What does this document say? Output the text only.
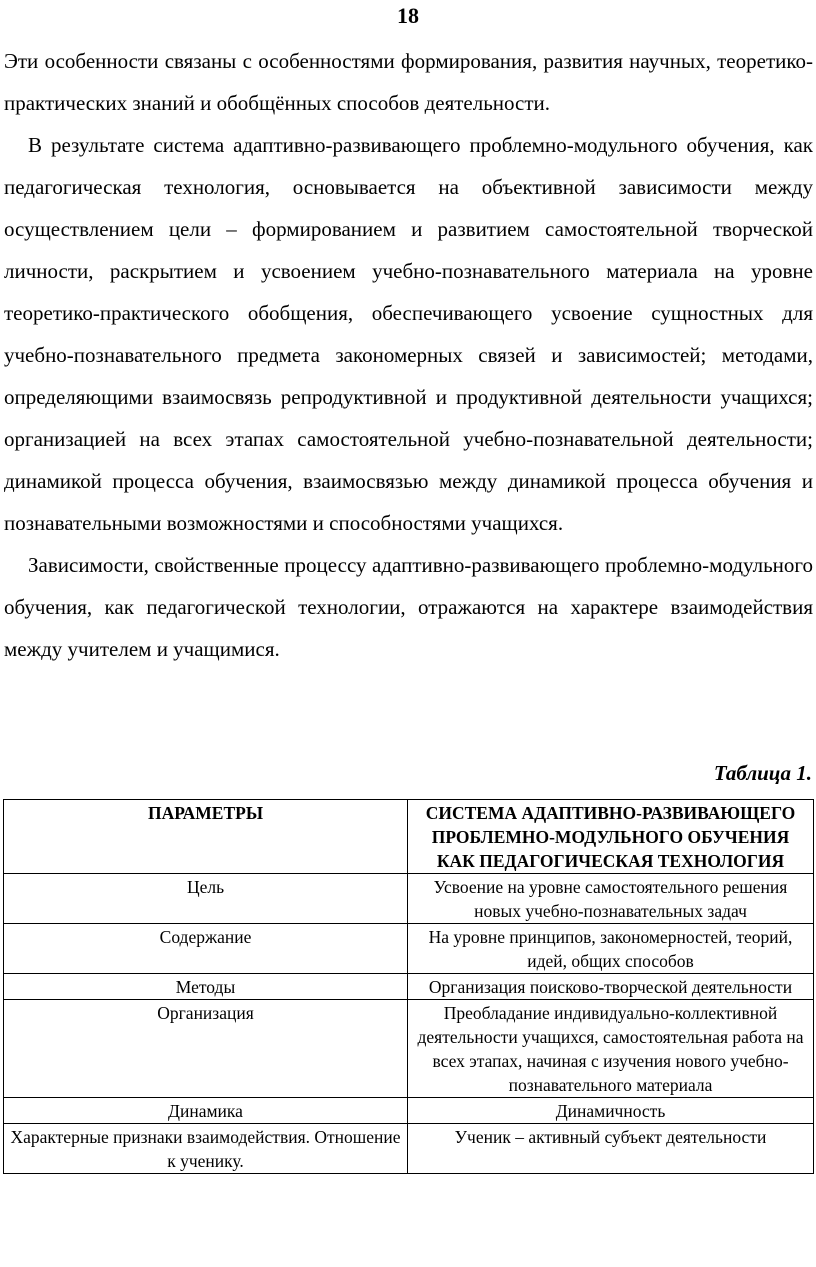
18

Эти особенности связаны с особенностями формирования, развития научных, теоретико-практических знаний и обобщённых способов деятельности.

В результате система адаптивно-развивающего проблемно-модульного обучения, как педагогическая технология, основывается на объективной зависимости между осуществлением цели – формированием и развитием самостоятельной творческой личности, раскрытием и усвоением учебно-познавательного материала на уровне теоретико-практического обобщения, обеспечивающего усвоение сущностных для учебно-познавательного предмета закономерных связей и зависимостей; методами, определяющими взаимосвязь репродуктивной и продуктивной деятельности учащихся; организацией на всех этапах самостоятельной учебно-познавательной деятельности; динамикой процесса обучения, взаимосвязью между динамикой процесса обучения и познавательными возможностями и способностями учащихся.

Зависимости, свойственные процессу адаптивно-развивающего проблемно-модульного обучения, как педагогической технологии, отражаются на характере взаимодействия между учителем и учащимися.

Таблица 1.
ПАРАМЕТРЫ	СИСТЕМА АДАПТИВНО-РАЗВИВАЮЩЕГО ПРОБЛЕМНО-МОДУЛЬНОГО ОБУЧЕНИЯ КАК ПЕДАГОГИЧЕСКАЯ ТЕХНОЛОГИЯ
Цель	Усвоение на уровне самостоятельного решения новых учебно-познавательных задач
Содержание	На уровне принципов, закономерностей, теорий, идей, общих способов
Методы	Организация поисково-творческой деятельности
Организация	Преобладание индивидуально-коллективной деятельности учащихся, самостоятельная работа на всех этапах, начиная с изучения нового учебно-познавательного материала
Динамика	Динамичность
Характерные признаки взаимодействия. Отношение к ученику.	Ученик – активный субъект деятельности
